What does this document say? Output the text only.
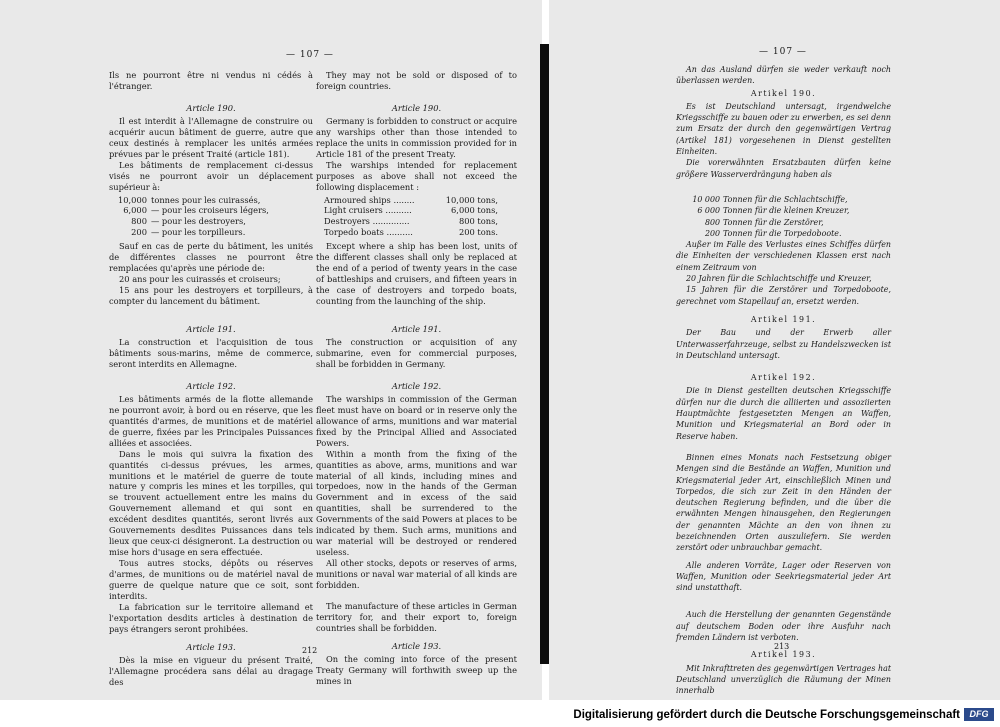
— 107 —

Ils ne pourront être ni vendus ni cédés à l'étranger.

Article 190.

Il est interdit à l'Allemagne de construire ou acquérir aucun bâtiment de guerre, autre que ceux destinés à remplacer les unités armées prévues par le présent Traité (article 181).

Les bâtiments de remplacement ci-dessus visés ne pourront avoir un déplacement supérieur à:

10,000 tonnes pour les cuirassés,
6,000 — pour les croiseurs légers,
800 — pour les destroyers,
200 — pour les torpilleurs.

Sauf en cas de perte du bâtiment, les unités de différentes classes ne pourront être remplacées qu'après une période de:

20 ans pour les cuirassés et croiseurs;

15 ans pour les destroyers et torpilleurs, à compter du lancement du bâtiment.

Article 191.

La construction et l'acquisition de tous bâtiments sous-marins, même de commerce, seront interdits en Allemagne.

Article 192.

Les bâtiments armés de la flotte allemande ne pourront avoir, à bord ou en réserve, que les quantités d'armes, de munitions et de matériel de guerre, fixées par les Principales Puissances alliées et associées.

Dans le mois qui suivra la fixation des quantités ci-dessus prévues, les armes, munitions et le matériel de guerre de toute nature y compris les mines et les torpilles, qui se trouvent actuellement entre les mains du Gouvernement allemand et qui sont en excédent desdites quantités, seront livrés aux Gouvernements desdites Puissances dans tels lieux que ceux-ci désigneront. La destruction ou mise hors d'usage en sera effectuée.

Tous autres stocks, dépôts ou réserves d'armes, de munitions ou de matériel naval de guerre de quelque nature que ce soit, sont interdits.

La fabrication sur le territoire allemand et l'exportation desdits articles à destination de pays étrangers seront prohibées.

Article 193.

Dès la mise en vigueur du présent Traité, l'Allemagne procédera sans délai au dragage des

They may not be sold or disposed of to foreign countries.

Article 190.

Germany is forbidden to construct or acquire any warships other than those intended to replace the units in commission provided for in Article 181 of the present Treaty.

The warships intended for replacement purposes as above shall not exceed the following displacement :

Armoured ships ........	10,000 tons,
Light cruisers ..........	6,000 tons,
Destroyers ..............	800 tons,
Torpedo boats ..........	200 tons.

Except where a ship has been lost, units of the different classes shall only be replaced at the end of a period of twenty years in the case of battleships and cruisers, and fifteen years in the case of destroyers and torpedo boats, counting from the launching of the ship.

Article 191.

The construction or acquisition of any submarine, even for commercial purposes, shall be forbidden in Germany.

Article 192.

The warships in commission of the German fleet must have on board or in reserve only the allowance of arms, munitions and war material fixed by the Principal Allied and Associated Powers.

Within a month from the fixing of the quantities as above, arms, munitions and war material of all kinds, including mines and torpedoes, now in the hands of the German Government and in excess of the said quantities, shall be surrendered to the Governments of the said Powers at places to be indicated by them. Such arms, munitions and war material will be destroyed or rendered useless.

All other stocks, depots or reserves of arms, munitions or naval war material of all kinds are forbidden.

The manufacture of these articles in German territory for, and their export to, foreign countries shall be forbidden.

Article 193.

On the coming into force of the present Treaty Germany will forthwith sweep up the mines in

212
— 107 —

An das Ausland dürfen sie weder verkauft noch überlassen werden.

Artikel 190.

Es ist Deutschland untersagt, irgendwelche Kriegsschiffe zu bauen oder zu erwerben, es sei denn zum Ersatz der durch den gegenwärtigen Vertrag (Artikel 181) vorgesehenen in Dienst gestellten Einheiten.

Die vorerwähnten Ersatzbauten dürfen keine größere Wasserverdrängung haben als

10 000 Tonnen für die Schlachtschiffe,
6 000 Tonnen für die kleinen Kreuzer,
800 Tonnen für die Zerstörer,
200 Tonnen für die Torpedoboote.

Außer im Falle des Verlustes eines Schiffes dürfen die Einheiten der verschiedenen Klassen erst nach einem Zeitraum von

20 Jahren für die Schlachtschiffe und Kreuzer,

15 Jahren für die Zerstörer und Torpedoboote, gerechnet vom Stapellauf an, ersetzt werden.

Artikel 191.

Der Bau und der Erwerb aller Unterwasserfahrzeuge, selbst zu Handelszwecken ist in Deutschland untersagt.

Artikel 192.

Die in Dienst gestellten deutschen Kriegsschiffe dürfen nur die durch die alliierten und assoziierten Hauptmächte festgesetzten Mengen an Waffen, Munition und Kriegsmaterial an Bord oder in Reserve haben.

Binnen eines Monats nach Festsetzung obiger Mengen sind die Bestände an Waffen, Munition und Kriegsmaterial jeder Art, einschließlich Minen und Torpedos, die sich zur Zeit in den Händen der deutschen Regierung befinden, und die über die erwähnten Mengen hinausgehen, den Regierungen der genannten Mächte an den von ihnen zu bezeichnenden Orten auszuliefern. Sie werden zerstört oder unbrauchbar gemacht.

Alle anderen Vorräte, Lager oder Reserven von Waffen, Munition oder Seekriegsmaterial jeder Art sind unstatthaft.

Auch die Herstellung der genannten Gegenstände auf deutschem Boden oder ihre Ausfuhr nach fremden Ländern ist verboten.

Artikel 193.

Mit Inkrafttreten des gegenwärtigen Vertrages hat Deutschland unverzüglich die Räumung der Minen innerhalb

213
Digitalisierung gefördert durch die Deutsche Forschungsgemeinschaft	DFG
